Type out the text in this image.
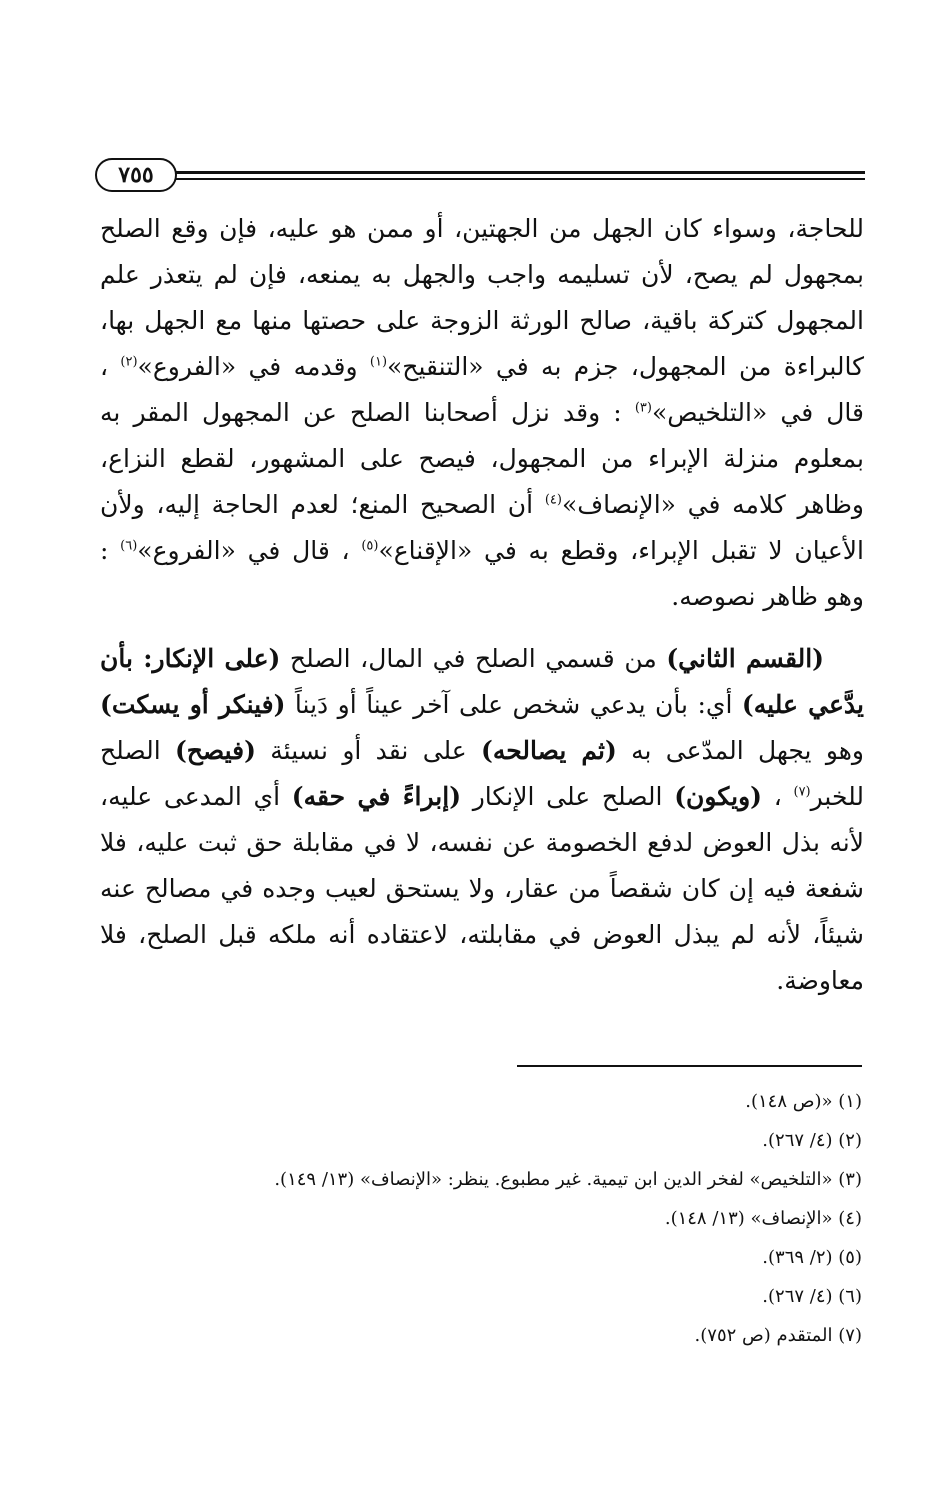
٧٥٥

للحاجة، وسواء كان الجهل من الجهتين، أو ممن هو عليه، فإن وقع الصلح بمجهول لم يصح، لأن تسليمه واجب والجهل به يمنعه، فإن لم يتعذر علم المجهول كتركة باقية، صالح الورثة الزوجة على حصتها منها مع الجهل بها، كالبراءة من المجهول، جزم به في «التنقيح»$^{(١)}$ وقدمه في «الفروع»$^{(٢)}$ ، قال في «التلخيص»$^{(٣)}$ : وقد نزل أصحابنا الصلح عن المجهول المقر به بمعلوم منزلة الإبراء من المجهول، فيصح على المشهور، لقطع النزاع، وظاهر كلامه في «الإنصاف»$^{(٤)}$ أن الصحيح المنع؛ لعدم الحاجة إليه، ولأن الأعيان لا تقبل الإبراء، وقطع به في «الإقناع»$^{(٥)}$ ، قال في «الفروع»$^{(٦)}$ : وهو ظاهر نصوصه.

(القسم الثاني) من قسمي الصلح في المال، الصلح (على الإنكار: بأن يدَّعي عليه) أي: بأن يدعي شخص على آخر عيناً أو دَيناً (فينكر أو يسكت) وهو يجهل المدّعى به (ثم يصالحه) على نقد أو نسيئة (فيصح) الصلح للخبر$^{(٧)}$ ، (ويكون) الصلح على الإنكار (إبراءً في حقه) أي المدعى عليه، لأنه بذل العوض لدفع الخصومة عن نفسه، لا في مقابلة حق ثبت عليه، فلا شفعة فيه إن كان شقصاً من عقار، ولا يستحق لعيب وجده في مصالح عنه شيئاً، لأنه لم يبذل العوض في مقابلته، لاعتقاده أنه ملكه قبل الصلح، فلا معاوضة.

(١) «(ص ١٤٨).
(٢) (٤/ ٢٦٧).
(٣) «التلخيص» لفخر الدين ابن تيمية. غير مطبوع. ينظر: «الإنصاف» (١٣/ ١٤٩).
(٤) «الإنصاف» (١٣/ ١٤٨).
(٥) (٢/ ٣٦٩).
(٦) (٤/ ٢٦٧).
(٧) المتقدم (ص ٧٥٢).
